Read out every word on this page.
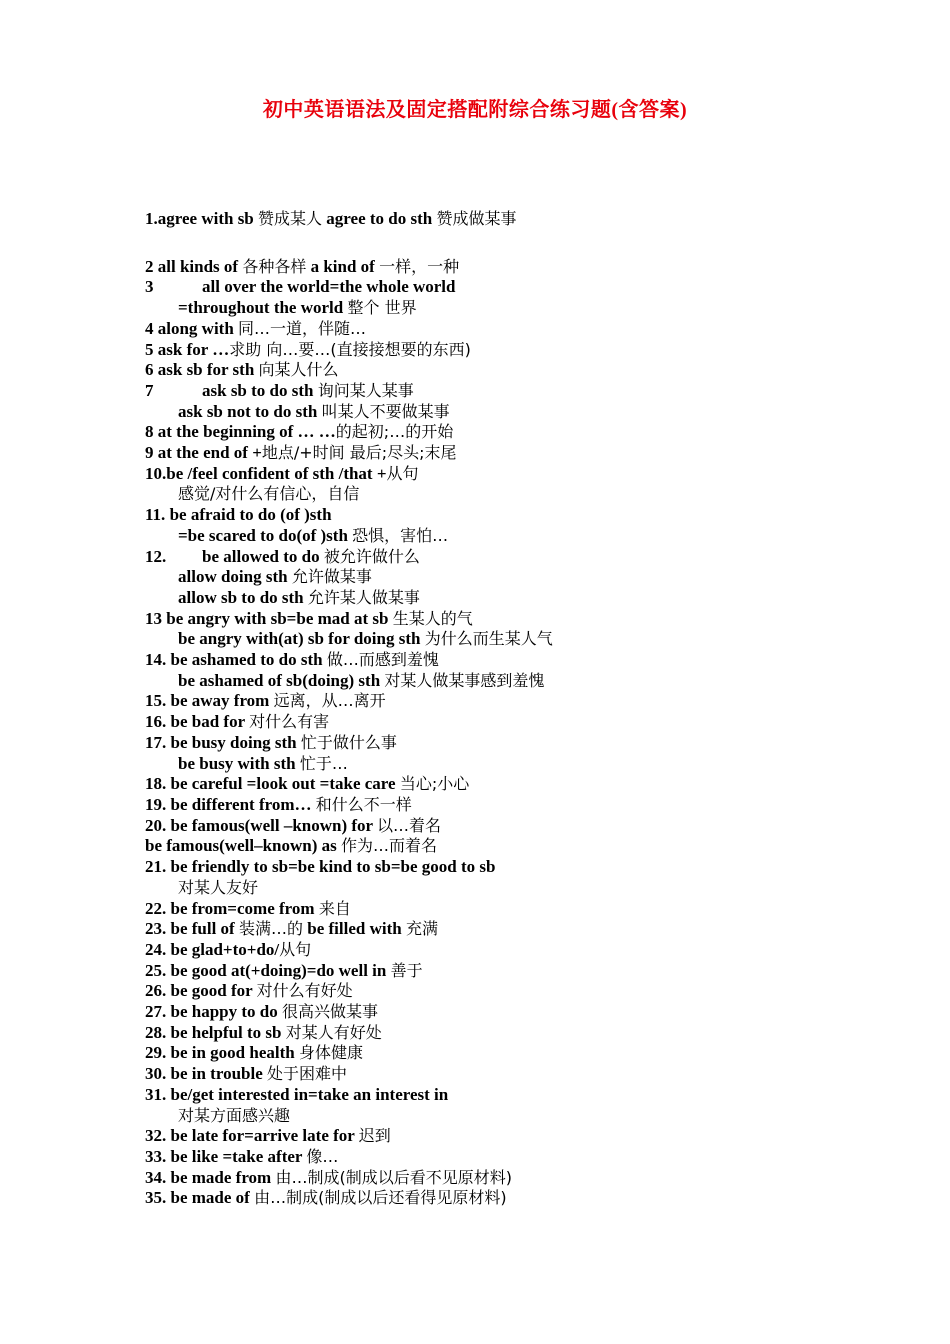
初中英语语法及固定搭配附综合练习题(含答案)
1.agree with sb 赞成某人 agree to do sth 赞成做某事
2 all kinds of 各种各样 a kind of 一样，一种
3	all over the world=the whole world
=throughout the world 整个 世界
4 along with 同…一道，伴随…
5 ask for …求助 向…要…(直接接想要的东西)
6 ask sb for sth 向某人什么
7	ask sb to do sth 询问某人某事
ask sb not to do sth 叫某人不要做某事
8 at the beginning of … …的起初;…的开始
9 at the end of +地点/+时间 最后;尽头;末尾
10.be /feel confident of sth /that +从句
感觉/对什么有信心，自信
11. be afraid to do (of )sth
=be scared to do(of )sth 恐惧，害怕…
12. be allowed to do 被允许做什么
allow doing sth 允许做某事
allow sb to do sth 允许某人做某事
13 be angry with sb=be mad at sb 生某人的气
be angry with(at) sb for doing sth 为什么而生某人气
14. be ashamed to do sth 做…而感到羞愧
be ashamed of sb(doing) sth 对某人做某事感到羞愧
15. be away from 远离，从…离开
16. be bad for 对什么有害
17. be busy doing sth 忙于做什么事
be busy with sth 忙于…
18. be careful =look out =take care 当心;小心
19. be different from… 和什么不一样
20. be famous(well –known) for 以…着名
be famous(well–known) as 作为…而着名
21. be friendly to sb=be kind to sb=be good to sb
对某人友好
22. be from=come from 来自
23. be full of 装满…的 be filled with 充满
24. be glad+to+do/从句
25. be good at(+doing)=do well in 善于
26. be good for 对什么有好处
27. be happy to do 很高兴做某事
28. be helpful to sb 对某人有好处
29. be in good health 身体健康
30. be in trouble 处于困难中
31. be/get interested in=take an interest in
对某方面感兴趣
32. be late for=arrive late for 迟到
33. be like =take after 像…
34. be made from 由…制成(制成以后看不见原材料)
35. be made of 由…制成(制成以后还看得见原材料)
